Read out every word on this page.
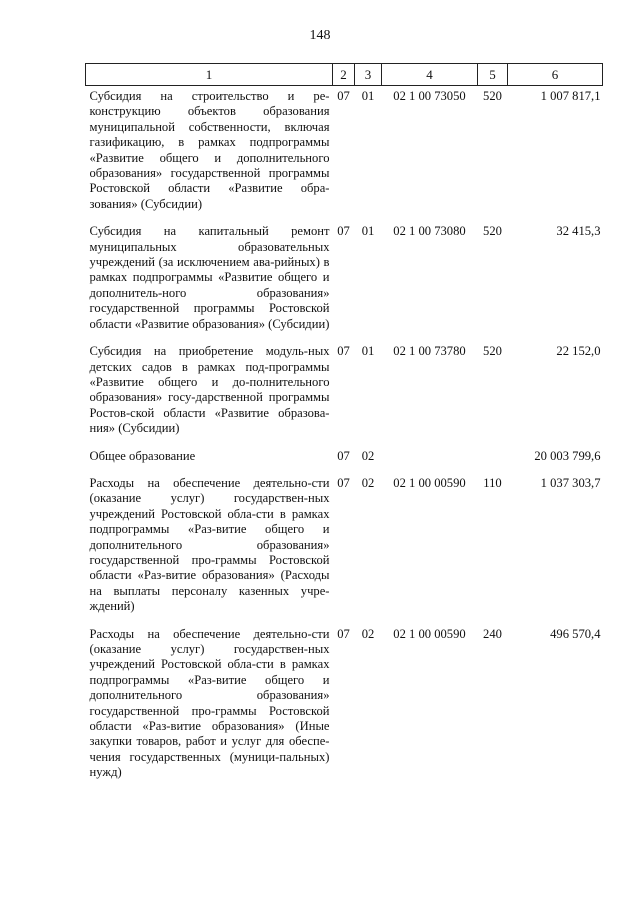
148
1	2	3	4	5	6
Субсидия на строительство и ре-конструкцию объектов образования муниципальной собственности, включая газификацию, в рамках подпрограммы «Развитие общего и дополнительного образования» государственной программы Ростовской области «Развитие обра-зования» (Субсидии)	07	01	02 1 00 73050	520	1 007 817,1
Субсидия на капитальный ремонт муниципальных образовательных учреждений (за исключением ава-рийных) в рамках подпрограммы «Развитие общего и дополнитель-ного образования» государственной программы Ростовской области «Развитие образования» (Субсидии)	07	01	02 1 00 73080	520	32 415,3
Субсидия на приобретение модуль-ных детских садов в рамках под-программы «Развитие общего и до-полнительного образования» госу-дарственной программы Ростов-ской области «Развитие образова-ния» (Субсидии)	07	01	02 1 00 73780	520	22 152,0
Общее образование	07	02			20 003 799,6
Расходы на обеспечение деятельно-сти (оказание услуг) государствен-ных учреждений Ростовской обла-сти в рамках подпрограммы «Раз-витие общего и дополнительного образования» государственной про-граммы Ростовской области «Раз-витие образования» (Расходы на выплаты персоналу казенных учре-ждений)	07	02	02 1 00 00590	110	1 037 303,7
Расходы на обеспечение деятельно-сти (оказание услуг) государствен-ных учреждений Ростовской обла-сти в рамках подпрограммы «Раз-витие общего и дополнительного образования» государственной про-граммы Ростовской области «Раз-витие образования» (Иные закупки товаров, работ и услуг для обеспе-чения государственных (муници-пальных) нужд)	07	02	02 1 00 00590	240	496 570,4
